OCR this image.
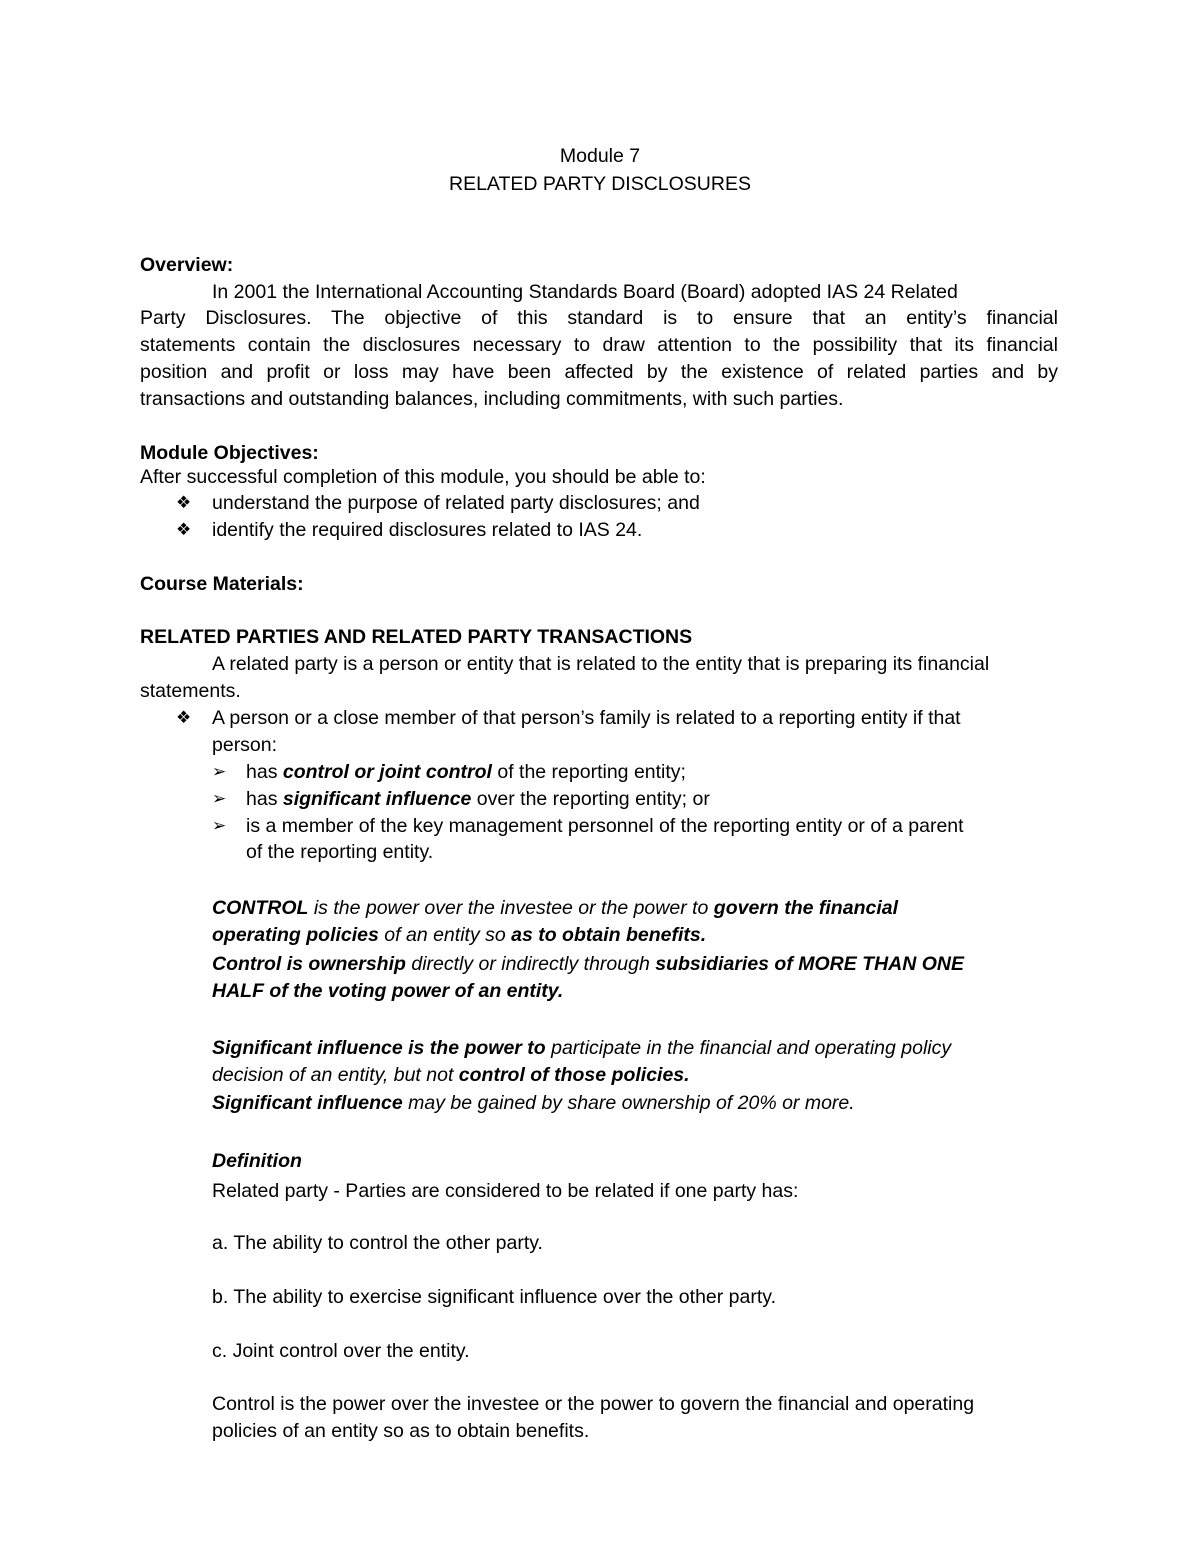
Module 7
RELATED PARTY DISCLOSURES
Overview:
In 2001 the International Accounting Standards Board (Board) adopted IAS 24 Related
Party Disclosures. The objective of this standard is to ensure that an entity’s financial
statements contain the disclosures necessary to draw attention to the possibility that its financial
position and profit or loss may have been affected by the existence of related parties and by
transactions and outstanding balances, including commitments, with such parties.
Module Objectives:
After successful completion of this module, you should be able to:
❖ understand the purpose of related party disclosures; and
❖ identify the required disclosures related to IAS 24.
Course Materials:
RELATED PARTIES AND RELATED PARTY TRANSACTIONS
A related party is a person or entity that is related to the entity that is preparing its financial
statements.
❖ A person or a close member of that person’s family is related to a reporting entity if that
person:
➢ has control or joint control of the reporting entity;
➢ has significant influence over the reporting entity; or
➢ is a member of the key management personnel of the reporting entity or of a parent
of the reporting entity.
CONTROL is the power over the investee or the power to govern the financial
operating policies of an entity so as to obtain benefits.
Control is ownership directly or indirectly through subsidiaries of MORE THAN ONE
HALF of the voting power of an entity.
Significant influence is the power to participate in the financial and operating policy
decision of an entity, but not control of those policies.
Significant influence may be gained by share ownership of 20% or more.
Definition
Related party - Parties are considered to be related if one party has:
a. The ability to control the other party.
b. The ability to exercise significant influence over the other party.
c. Joint control over the entity.
Control is the power over the investee or the power to govern the financial and operating
policies of an entity so as to obtain benefits.
